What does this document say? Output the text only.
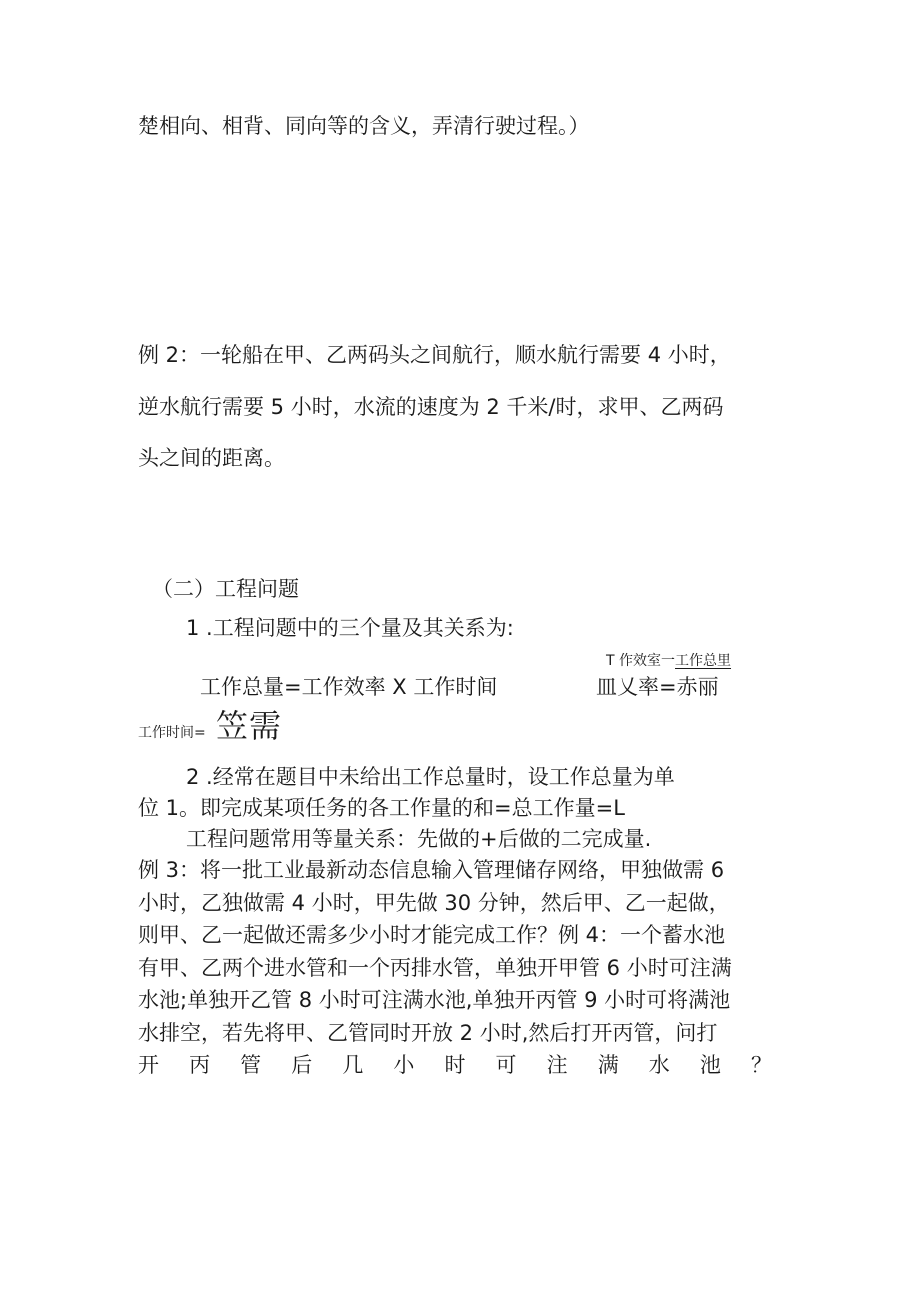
楚相向、相背、同向等的含义，弄清行驶过程。）
例 2：一轮船在甲、乙两码头之间航行，顺水航行需要 4 小时，
逆水航行需要 5 小时，水流的速度为 2 千米/时，求甲、乙两码
头之间的距离。
（二）工程问题
1 .工程问题中的三个量及其关系为:
T 作效室一工作总里
工作总量=工作效率 X 工作时间	皿乂率=赤丽
工作时间= 笠需
2 .经常在题目中未给出工作总量时，设工作总量为单
位 1。即完成某项任务的各工作量的和=总工作量=L
工程问题常用等量关系：先做的+后做的二完成量.
例 3：将一批工业最新动态信息输入管理储存网络，甲独做需 6
小时，乙独做需 4 小时，甲先做 30 分钟，然后甲、乙一起做，
则甲、乙一起做还需多少小时才能完成工作？例 4：一个蓄水池
有甲、乙两个进水管和一个丙排水管，单独开甲管 6 小时可注满
水池;单独开乙管 8 小时可注满水池,单独开丙管 9 小时可将满池
水排空，若先将甲、乙管同时开放 2 小时,然后打开丙管，问打
开 丙 管 后 几 小 时 可 注 满 水 池 ？
